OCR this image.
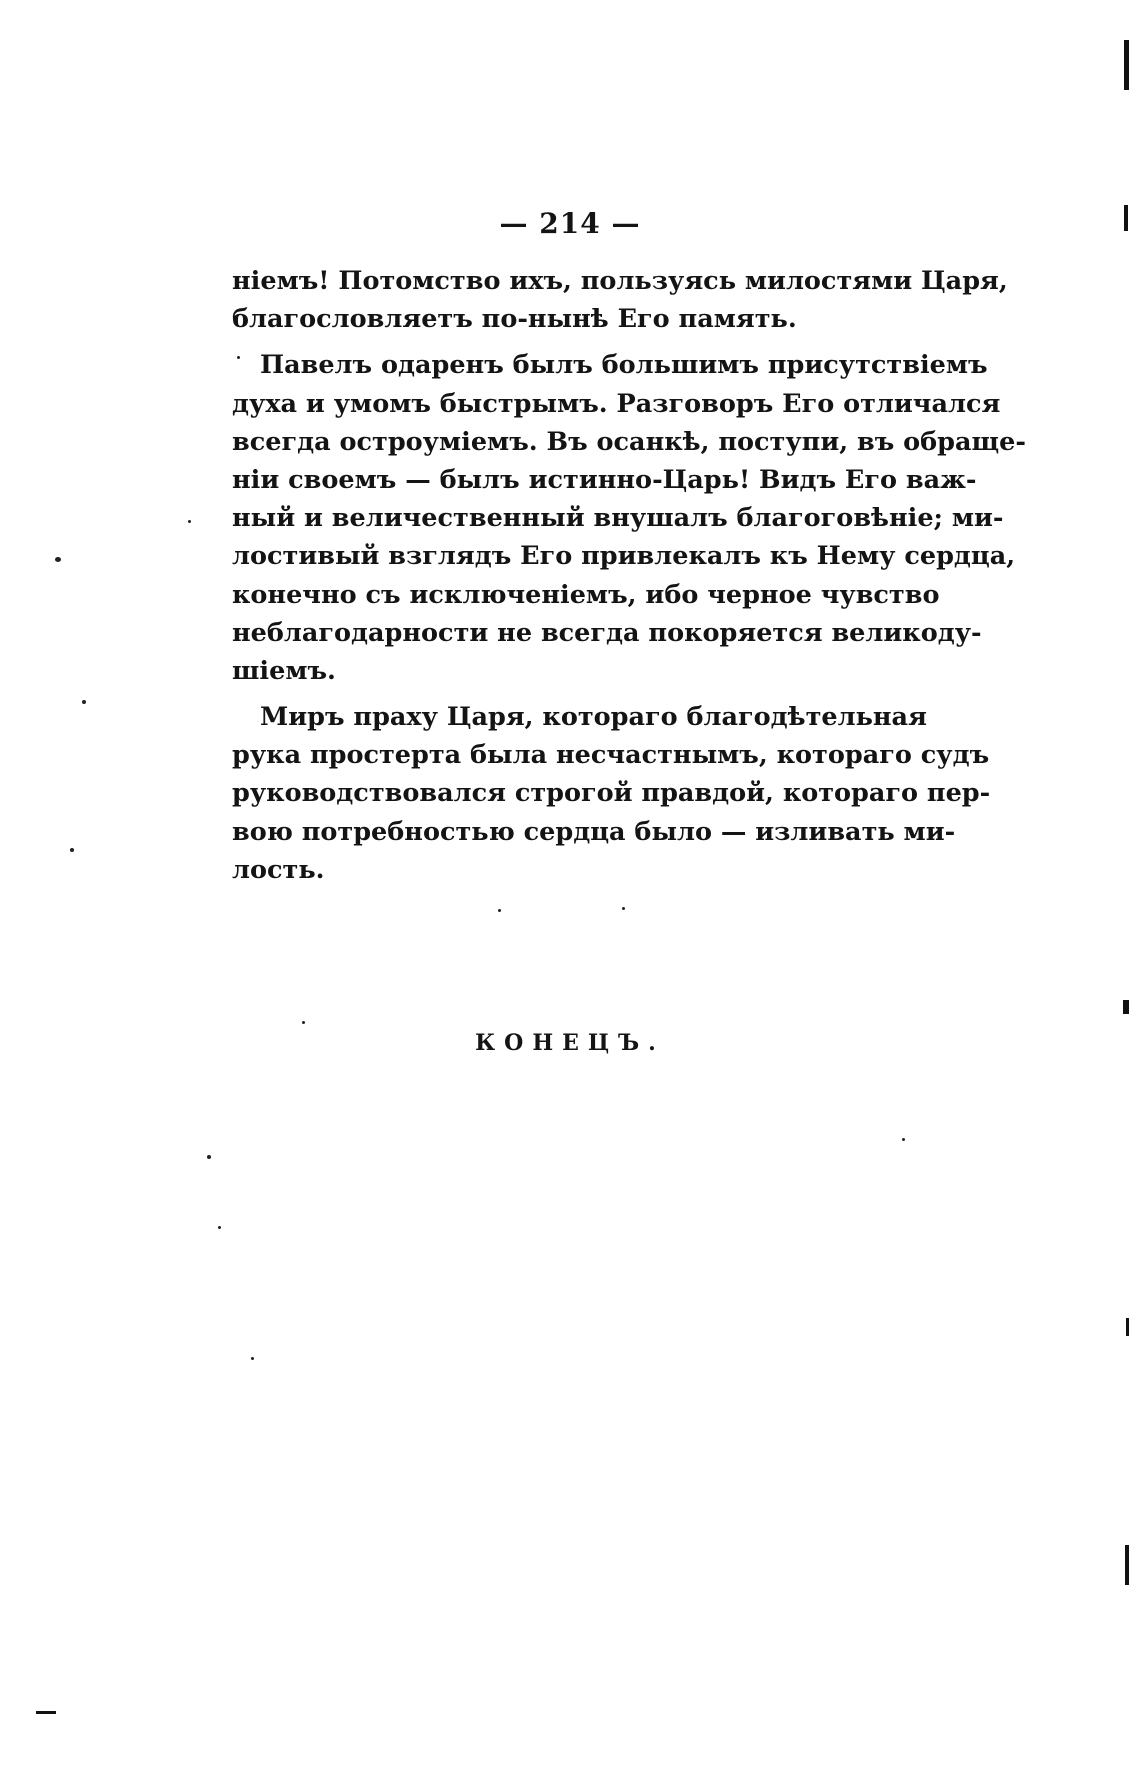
— 214 —
нiемъ! Потомство ихъ, пользуясь милостями Царя,
благословляетъ по-нынѣ Его память.
Павелъ одаренъ былъ большимъ присутствiемъ
духа и умомъ быстрымъ. Разговоръ Его отличался
всегда остроумiемъ. Въ осанкѣ, поступи, въ обраще-
нiи своемъ — былъ истинно-Царь! Видъ Его важ-
ный и величественный внушалъ благоговѣнiе; ми-
лостивый взглядъ Его привлекалъ къ Нему сердца,
конечно съ исключенiемъ, ибо черное чувство
неблагодарности не всегда покоряется великоду-
шiемъ.
Миръ праху Царя, котораго благодѣтельная
рука простерта была несчастнымъ, котораго судъ
руководствовался строгой правдой, котораго пер-
вою потребностью сердца было — изливать ми-
лость.
КОНЕЦЪ.
